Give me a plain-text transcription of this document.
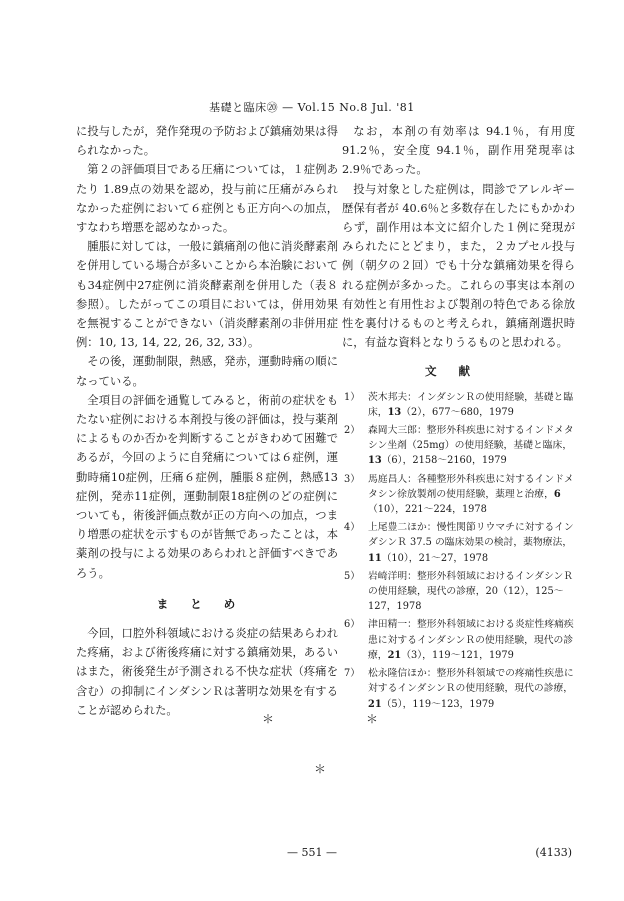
基礎と臨床⑳ — Vol.15 No.8 Jul. '81

に投与したが，発作発現の予防および鎮痛効果は得られなかった。

第２の評価項目である圧痛については，１症例あたり 1.89点の効果を認め，投与前に圧痛がみられなかった症例において６症例とも正方向への加点，すなわち増悪を認めなかった。

腫脹に対しては，一般に鎮痛剤の他に消炎酵素剤を併用している場合が多いことから本治験においても34症例中27症例に消炎酵素剤を併用した（表８参照）。したがってこの項目においては，併用効果を無視することができない（消炎酵素剤の非併用症例：10, 13, 14, 22, 26, 32, 33）。

その後，運動制限，熱感，発赤，運動時痛の順になっている。

全項目の評価を通覧してみると，術前の症状をもたない症例における本剤投与後の評価は，投与薬剤によるものか否かを判断することがきわめて困難であるが，今回のように自発痛については６症例，運動時痛10症例，圧痛６症例，腫脹８症例，熱感13症例，発赤11症例，運動制限18症例のどの症例についても，術後評価点数が正の方向への加点，つまり増悪の症状を示すものが皆無であったことは，本薬剤の投与による効果のあらわれと評価すべきであろう。

まとめ

今回，口腔外科領域における炎症の結果あらわれた疼痛，および術後疼痛に対する鎮痛効果，あるいはまた，術後発生が予測される不快な症状（疼痛を含む）の抑制にインダシンＲは著明な効果を有することが認められた。

なお，本剤の有効率は 94.1％，有用度 91.2％，安全度 94.1％，副作用発現率は 2.9％であった。

投与対象とした症例は，問診でアレルギー歴保有者が 40.6％と多数存在したにもかかわらず，副作用は本文に紹介した１例に発現がみられたにとどまり，また，２カプセル投与例（朝夕の２回）でも十分な鎮痛効果を得られる症例が多かった。これらの事実は本剤の有効性と有用性および製剤の特色である徐放性を裏付けるものと考えられ，鎮痛剤選択時に，有益な資料となりうるものと思われる。

文献
1） 茨木邦夫：インダシンＲの使用経験，基礎と臨床，13（2），677～680，1979
2） 森岡大三郎：整形外科疾患に対するインドメタシン坐剤（25mg）の使用経験，基礎と臨床，13（6），2158～2160，1979
3） 馬庭昌人：各種整形外科疾患に対するインドメタシン徐放製剤の使用経験，薬理と治療，6（10），221～224，1978
4） 上尾豊二ほか：慢性関節リウマチに対するインダシンＲ 37.5 の臨床効果の検討，薬物療法，11（10），21～27，1978
5） 岩崎洋明：整形外科領域におけるインダシンＲの使用経験，現代の診療，20（12），125～127，1978
6） 津田精一：整形外科領域における炎症性疼痛疾患に対するインダシンＲの使用経験，現代の診療，21（3），119～121，1979
7） 松永隆信ほか：整形外科領域での疼痛性疾患に対するインダシンＲの使用経験，現代の診療，21（5），119～123，1979
＊	＊
＊
— 551 —	(4133)
